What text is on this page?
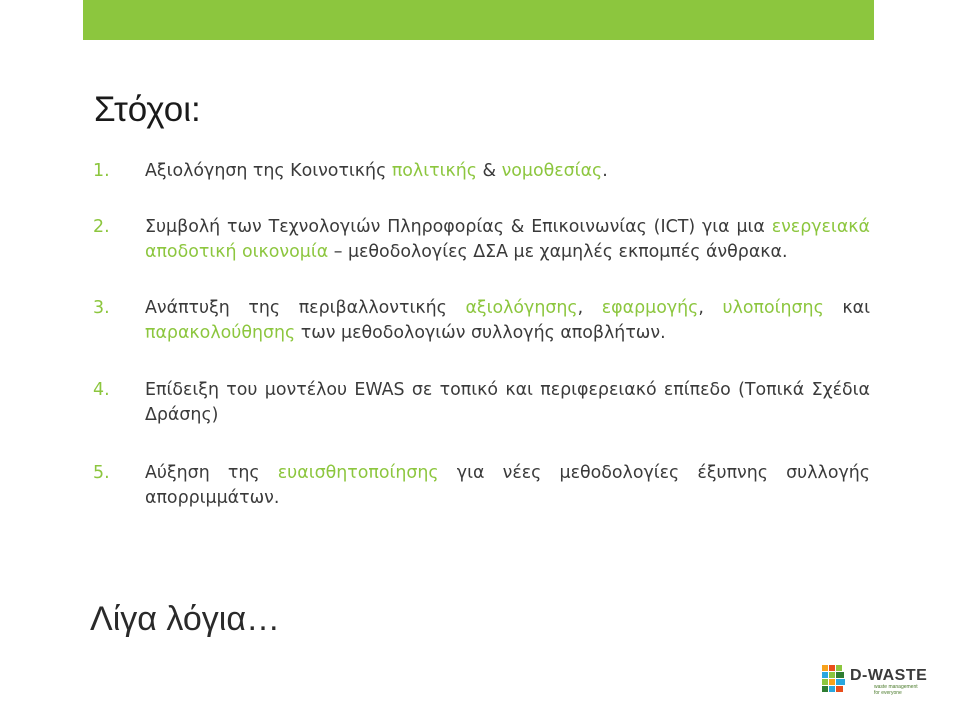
Στόχοι:
1.	Αξιολόγηση της Κοινοτικής πολιτικής & νομοθεσίας.
2.	Συμβολή των Τεχνολογιών Πληροφορίας & Επικοινωνίας (ICT) για μια ενεργειακά αποδοτική οικονομία – μεθοδολογίες ΔΣΑ με χαμηλές εκπομπές άνθρακα.
3.	Ανάπτυξη της περιβαλλοντικής αξιολόγησης, εφαρμογής, υλοποίησης και παρακολούθησης των μεθοδολογιών συλλογής αποβλήτων.
4.	Επίδειξη του μοντέλου EWAS σε τοπικό και περιφερειακό επίπεδο (Τοπικά Σχέδια Δράσης)
5.	Αύξηση της ευαισθητοποίησης για νέες μεθοδολογίες έξυπνης συλλογής απορριμμάτων.
Λίγα λόγια…
D-WASTE
waste management
for everyone
